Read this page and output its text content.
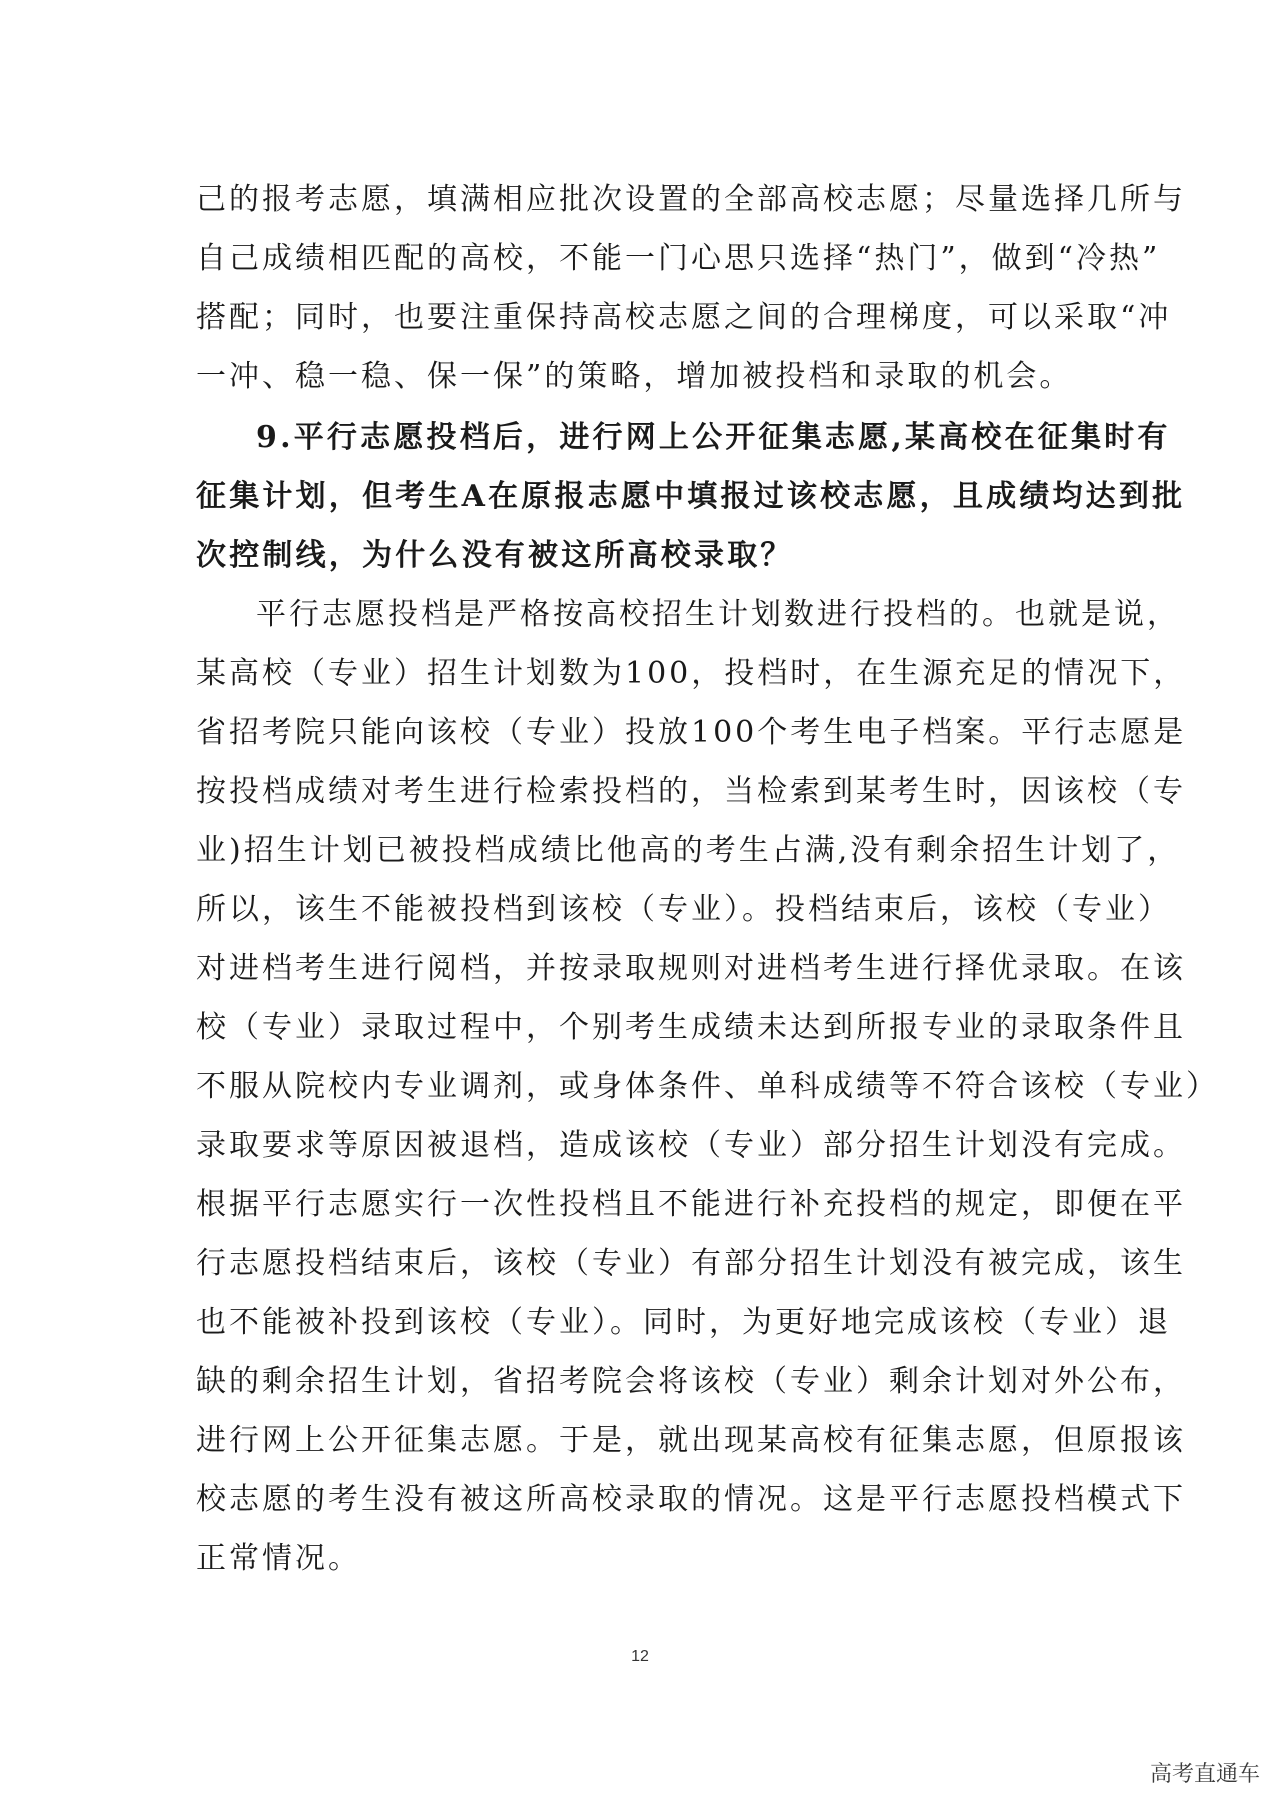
己的报考志愿，填满相应批次设置的全部高校志愿；尽量选择几所与
自己成绩相匹配的高校，不能一门心思只选择“热门”，做到“冷热”
搭配；同时，也要注重保持高校志愿之间的合理梯度，可以采取“冲
一冲、稳一稳、保一保”的策略，增加被投档和录取的机会。
9.平行志愿投档后，进行网上公开征集志愿,某高校在征集时有
征集计划，但考生A在原报志愿中填报过该校志愿，且成绩均达到批
次控制线，为什么没有被这所高校录取？
平行志愿投档是严格按高校招生计划数进行投档的。也就是说，
某高校（专业）招生计划数为100，投档时，在生源充足的情况下，
省招考院只能向该校（专业）投放100个考生电子档案。平行志愿是
按投档成绩对考生进行检索投档的，当检索到某考生时，因该校（专
业)招生计划已被投档成绩比他高的考生占满,没有剩余招生计划了，
所以，该生不能被投档到该校（专业）。投档结束后，该校（专业）
对进档考生进行阅档，并按录取规则对进档考生进行择优录取。在该
校（专业）录取过程中，个别考生成绩未达到所报专业的录取条件且
不服从院校内专业调剂，或身体条件、单科成绩等不符合该校（专业）
录取要求等原因被退档，造成该校（专业）部分招生计划没有完成。
根据平行志愿实行一次性投档且不能进行补充投档的规定，即便在平
行志愿投档结束后，该校（专业）有部分招生计划没有被完成，该生
也不能被补投到该校（专业）。同时，为更好地完成该校（专业）退
缺的剩余招生计划，省招考院会将该校（专业）剩余计划对外公布，
进行网上公开征集志愿。于是，就出现某高校有征集志愿，但原报该
校志愿的考生没有被这所高校录取的情况。这是平行志愿投档模式下
正常情况。
12
高考直通车
